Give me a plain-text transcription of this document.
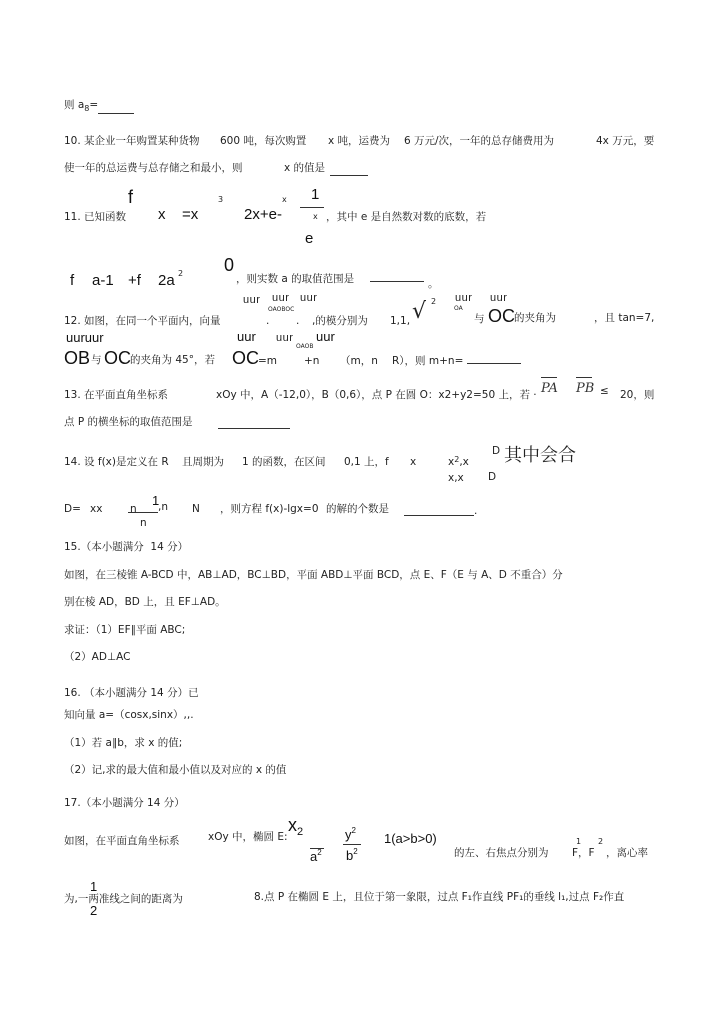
则 $a_8=$
10. 某企业一年购置某种货物 600 吨，每次购置 x 吨，运费为 6 万元/次，一年的总存储费用为	4x 万元，要
使一年的总运费与总存储之和最小，则	x 的值是
f
11. 已知函数 x =x
3
2x+e-
x 1
x
e
，其中 e 是自然数对数的底数，若
f a-1 +f 2a 2 0
，则实数 a 的取值范围是	。
uur uur uur
OAOBOC
uur uur
OA
12. 如图，在同一个平面内，向量	.	. ,的模分别为 1,1, √ 2
与 OC 的夹角为	，且 tan=7,
uuruur	uur uur uur
OAOB
OB 与 OC 的夹角为 45°，若 OC =m	+n （m，n R），则 m+n=
13. 在平面直角坐标系	xOy 中，A（-12,0），B（0,6），点 P 在圆 O：x2+y2=50 上，若 · PA PB ≤ 20，则
点 P 的横坐标的取值范围是
14. 设 f(x)是定义在 R 且周期为 1 的函数，在区间 0,1 上，f x	$x^2,x$
x,x
D
D
其中会合
D= xx	n
1
,n
n
N ，则方程 f(x)-lgx=0 的解的个数是	.
15.（本小题满分 14 分）
如图，在三棱锥 A-BCD 中，AB⊥AD，BC⊥BD，平面 ABD⊥平面 BCD，点 E、F（E 与 A、D 不重合）分
别在棱 AD，BD 上，且 EF⊥AD。
求证：（1）EF∥平面 ABC;
（2）AD⊥AC
16. （本小题满分 14 分）已
知向量 a=（cosx,sinx）,,.
（1）若 a∥b，求 x 的值;
（2）记,求的最大值和最小值以及对应的 x 的值
17.（本小题满分 14 分）
如图，在平面直角坐标系	xOy 中，椭圆 E:
$x_2$
$a^2$
$y^2$
$b^2$
1(a>b>0)
的左、右焦点分别为
1
F，F
2
，离心率
1
为,一两准线之间的距离为
2
8.点 P 在椭圆 E 上，且位于第一象限，过点 F₁作直线 PF₁的垂线 l₁,过点 F₂作直
